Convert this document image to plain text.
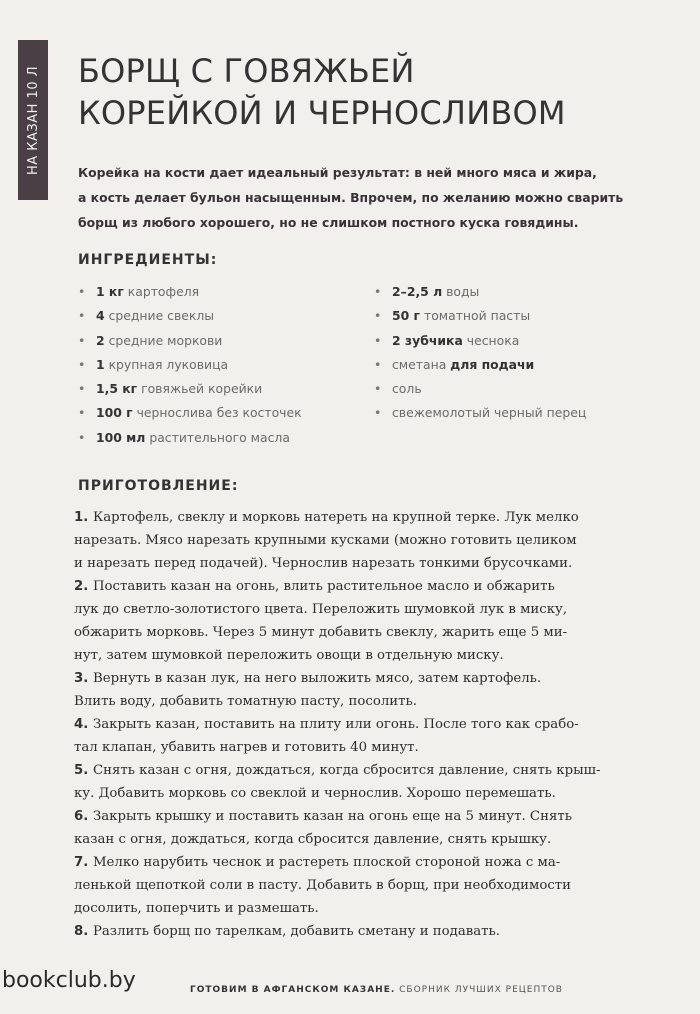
НА КАЗАН 10 Л БОРЩ С ГОВЯЖЬЕЙ
КОРЕЙКОЙ И ЧЕРНОСЛИВОМ

Корейка на кости дает идеальный результат: в ней много мяса и жира,
а кость делает бульон насыщенным. Впрочем, по желанию можно сварить
борщ из любого хорошего, но не слишком постного куска говядины.

ИНГРЕДИЕНТЫ:
• 1 кг картофеля
• 4 средние свеклы
• 2 средние моркови
• 1 крупная луковица
• 1,5 кг говяжьей корейки
• 100 г чернослива без косточек
• 100 мл растительного масла
• 2–2,5 л воды
• 50 г томатной пасты
• 2 зубчика чеснока
• сметана для подачи
• соль
• свежемолотый черный перец
ПРИГОТОВЛЕНИЕ:
1. Картофель, свеклу и морковь натереть на крупной терке. Лук мелко
нарезать. Мясо нарезать крупными кусками (можно готовить целиком
и нарезать перед подачей). Чернослив нарезать тонкими брусочками.
2. Поставить казан на огонь, влить растительное масло и обжарить
лук до светло-золотистого цвета. Переложить шумовкой лук в миску,
обжарить морковь. Через 5 минут добавить свеклу, жарить еще 5 ми-
нут, затем шумовкой переложить овощи в отдельную миску.
3. Вернуть в казан лук, на него выложить мясо, затем картофель.
Влить воду, добавить томатную пасту, посолить.
4. Закрыть казан, поставить на плиту или огонь. После того как срабо-
тал клапан, убавить нагрев и готовить 40 минут.
5. Снять казан с огня, дождаться, когда сбросится давление, снять крыш-
ку. Добавить морковь со свеклой и чернослив. Хорошо перемешать.
6. Закрыть крышку и поставить казан на огонь еще на 5 минут. Снять
казан с огня, дождаться, когда сбросится давление, снять крышку.
7. Мелко нарубить чеснок и растереть плоской стороной ножа с ма-
ленькой щепоткой соли в пасту. Добавить в борщ, при необходимости
досолить, поперчить и размешать.
8. Разлить борщ по тарелкам, добавить сметану и подавать.
bookclub.by	ГОТОВИМ В АФГАНСКОМ КАЗАНЕ. СБОРНИК ЛУЧШИХ РЕЦЕПТОВ
